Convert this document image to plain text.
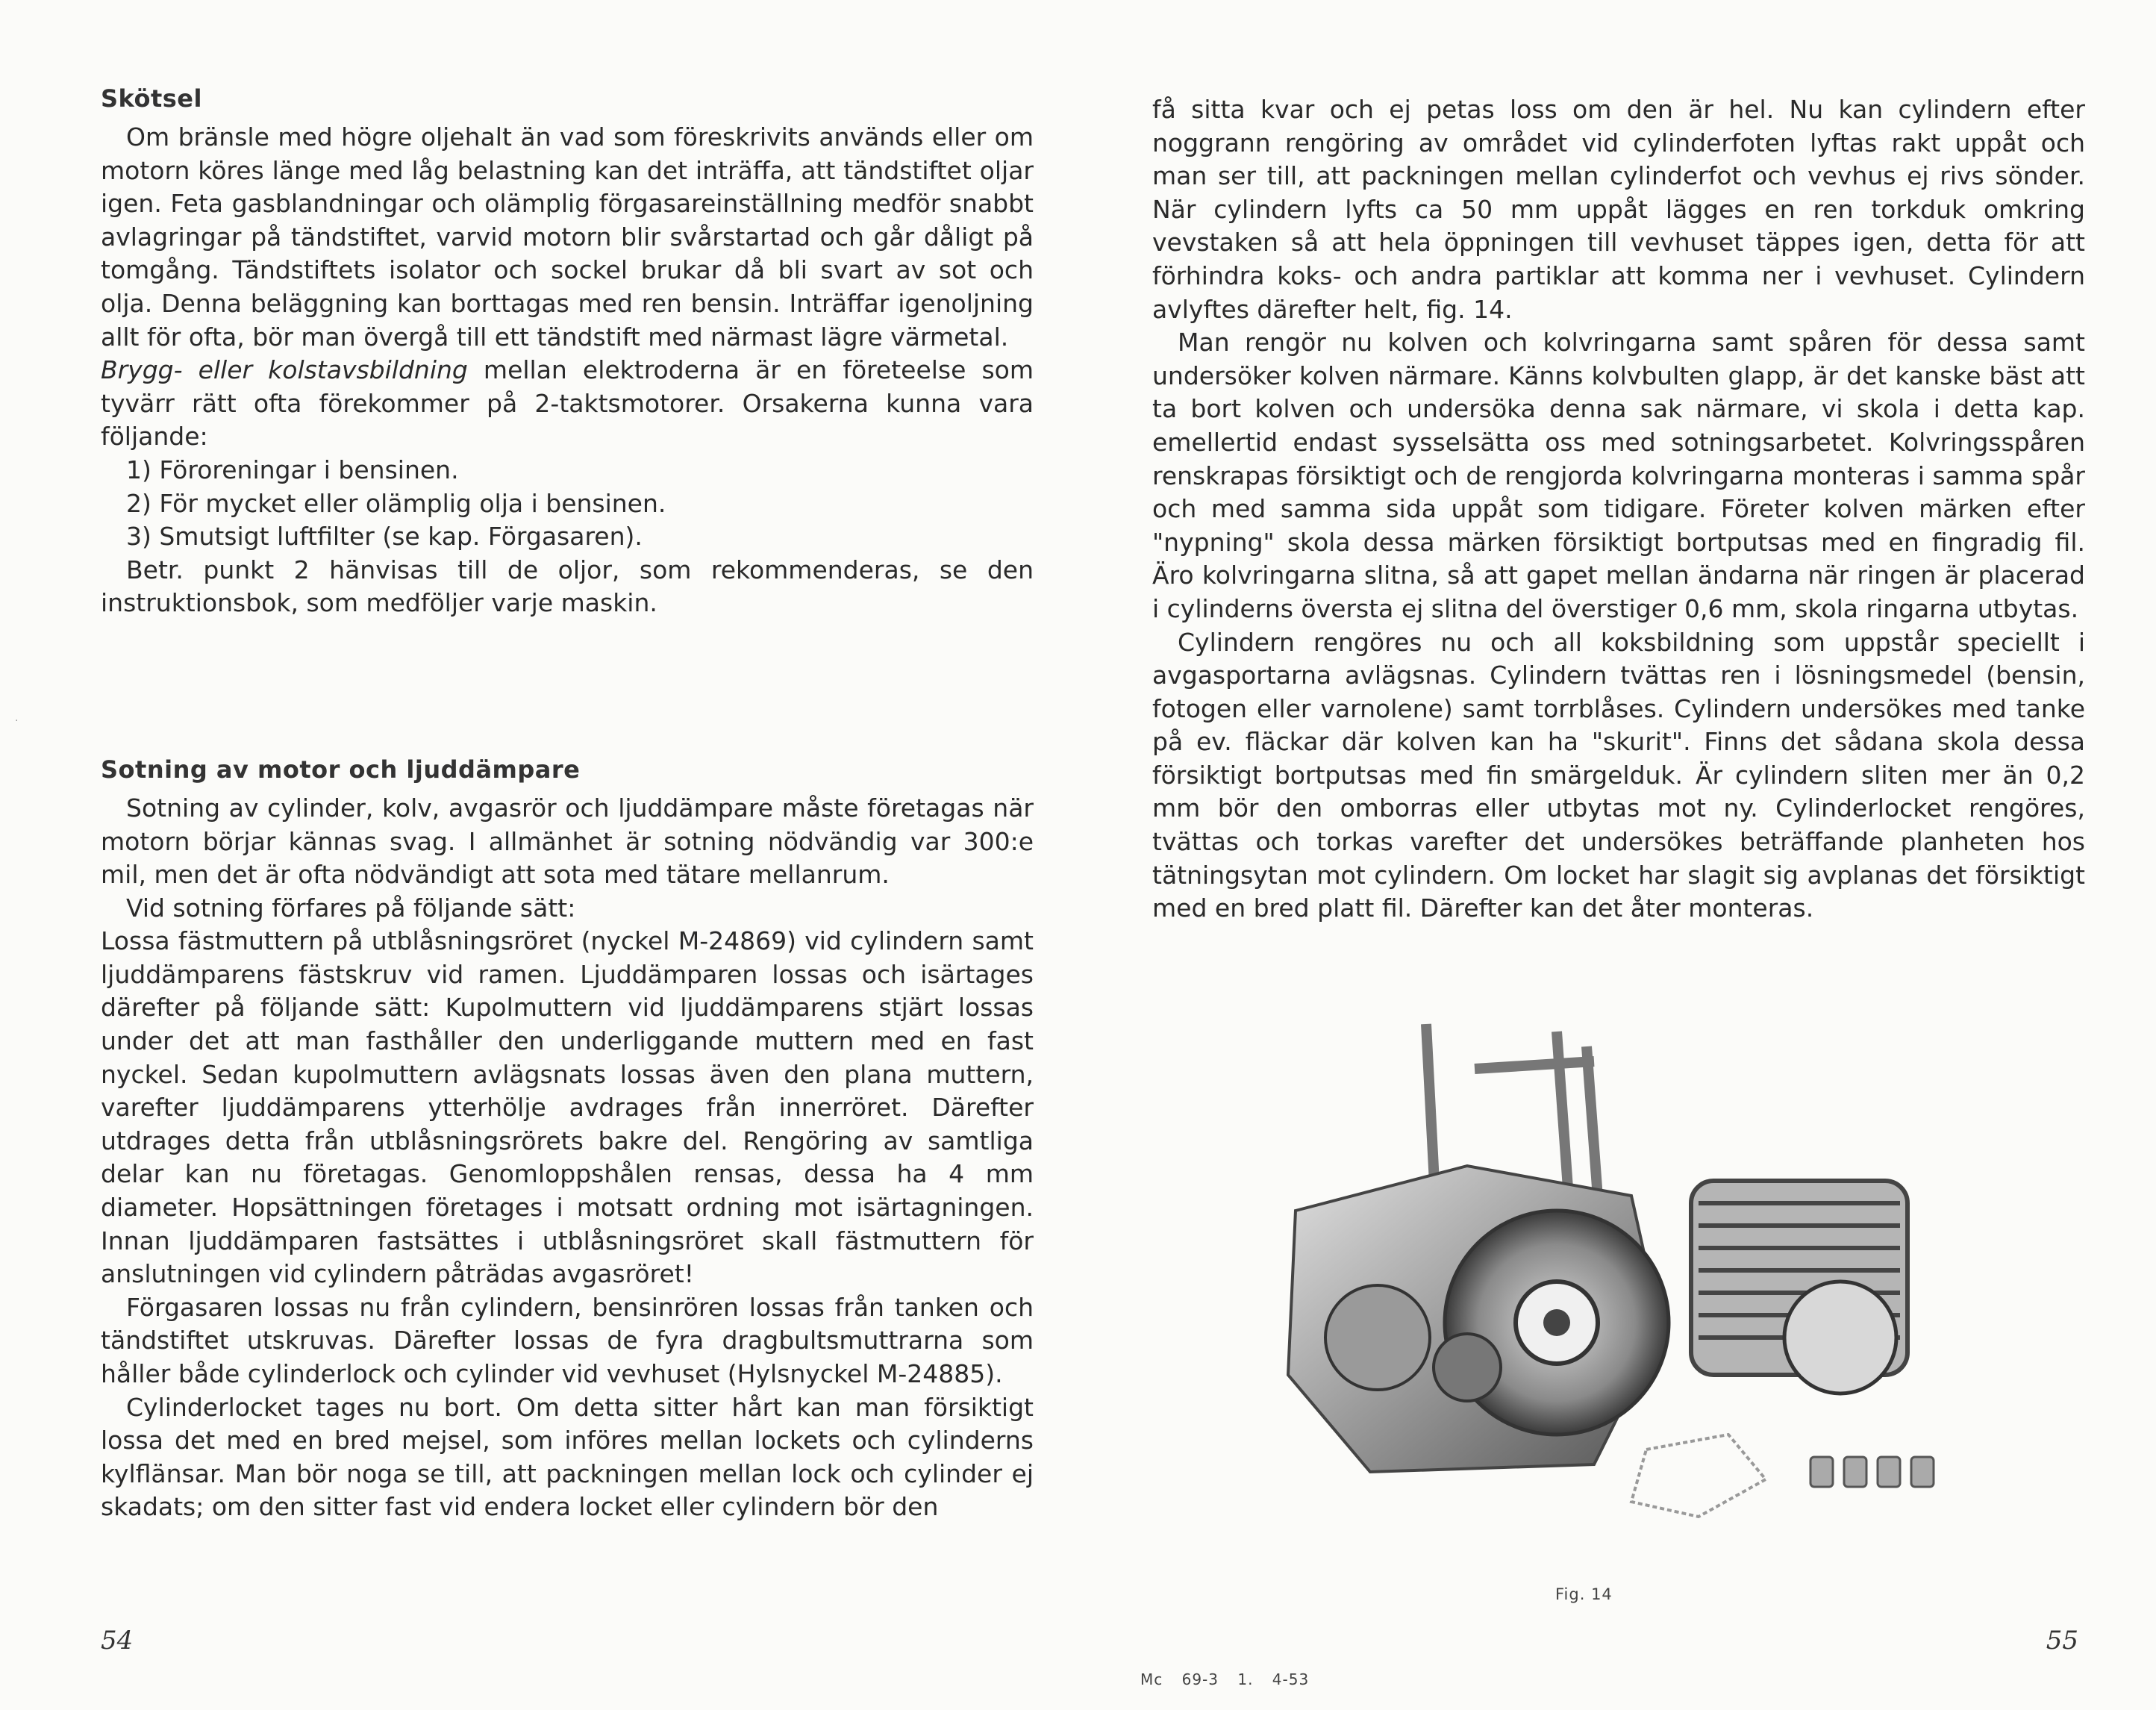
·
Skötsel

Om bränsle med högre oljehalt än vad som föreskrivits används eller om motorn köres länge med låg belastning kan det inträffa, att tändstiftet oljar igen. Feta gasblandningar och olämplig förgasareinställning medför snabbt avlagringar på tändstiftet, varvid motorn blir svårstartad och går dåligt på tomgång. Tändstiftets isolator och sockel brukar då bli svart av sot och olja. Denna beläggning kan borttagas med ren bensin. Inträffar igenoljning allt för ofta, bör man övergå till ett tändstift med närmast lägre värmetal.

Brygg- eller kolstavsbildning mellan elektroderna är en företeelse som tyvärr rätt ofta förekommer på 2-taktsmotorer. Orsakerna kunna vara följande:

1) Föroreningar i bensinen.

2) För mycket eller olämplig olja i bensinen.

3) Smutsigt luftfilter (se kap. Förgasaren).

Betr. punkt 2 hänvisas till de oljor, som rekommenderas, se den instruktionsbok, som medföljer varje maskin.

Sotning av motor och ljuddämpare

Sotning av cylinder, kolv, avgasrör och ljuddämpare måste företagas när motorn börjar kännas svag. I allmänhet är sotning nödvändig var 300:e mil, men det är ofta nödvändigt att sota med tätare mellanrum.

Vid sotning förfares på följande sätt:

Lossa fästmuttern på utblåsningsröret (nyckel M-24869) vid cylindern samt ljuddämparens fästskruv vid ramen. Ljuddämparen lossas och isärtages därefter på följande sätt: Kupolmuttern vid ljuddämparens stjärt lossas under det att man fasthåller den underliggande muttern med en fast nyckel. Sedan kupolmuttern avlägsnats lossas även den plana muttern, varefter ljuddämparens ytterhölje avdrages från innerröret. Därefter utdrages detta från utblåsningsrörets bakre del. Rengöring av samtliga delar kan nu företagas. Genomloppshålen rensas, dessa ha 4 mm diameter. Hopsättningen företages i motsatt ordning mot isärtagningen. Innan ljuddämparen fastsättes i utblåsningsröret skall fästmuttern för anslutningen vid cylindern påträdas avgasröret!

Förgasaren lossas nu från cylindern, bensinrören lossas från tanken och tändstiftet utskruvas. Därefter lossas de fyra dragbultsmuttrarna som håller både cylinderlock och cylinder vid vevhuset (Hylsnyckel M-24885).

Cylinderlocket tages nu bort. Om detta sitter hårt kan man försiktigt lossa det med en bred mejsel, som införes mellan lockets och cylinderns kylflänsar. Man bör noga se till, att packningen mellan lock och cylinder ej skadats; om den sitter fast vid endera locket eller cylindern bör den

54

få sitta kvar och ej petas loss om den är hel. Nu kan cylindern efter noggrann rengöring av området vid cylinderfoten lyftas rakt uppåt och man ser till, att packningen mellan cylinderfot och vevhus ej rivs sönder. När cylindern lyfts ca 50 mm uppåt lägges en ren torkduk omkring vevstaken så att hela öppningen till vevhuset täppes igen, detta för att förhindra koks- och andra partiklar att komma ner i vevhuset. Cylindern avlyftes därefter helt, fig. 14.

Man rengör nu kolven och kolvringarna samt spåren för dessa samt undersöker kolven närmare. Känns kolvbulten glapp, är det kanske bäst att ta bort kolven och undersöka denna sak närmare, vi skola i detta kap. emellertid endast sysselsätta oss med sotningsarbetet. Kolvringsspåren renskrapas försiktigt och de rengjorda kolvringarna monteras i samma spår och med samma sida uppåt som tidigare. Företer kolven märken efter "nypning" skola dessa märken försiktigt bortputsas med en fingradig fil. Äro kolvringarna slitna, så att gapet mellan ändarna när ringen är placerad i cylinderns översta ej slitna del överstiger 0,6 mm, skola ringarna utbytas.

Cylindern rengöres nu och all koksbildning som uppstår speciellt i avgasportarna avlägsnas. Cylindern tvättas ren i lösningsmedel (bensin, fotogen eller varnolene) samt torrblåses. Cylindern undersökes med tanke på ev. fläckar där kolven kan ha "skurit". Finns det sådana skola dessa försiktigt bortputsas med fin smärgelduk. Är cylindern sliten mer än 0,2 mm bör den omborras eller utbytas mot ny. Cylinderlocket rengöres, tvättas och torkas varefter det undersökes beträffande planheten hos tätningsytan mot cylindern. Om locket har slagit sig avplanas det försiktigt med en bred platt fil. Därefter kan det åter monteras.

55
Fig. 14
Mc 69-3 1. 4-53
